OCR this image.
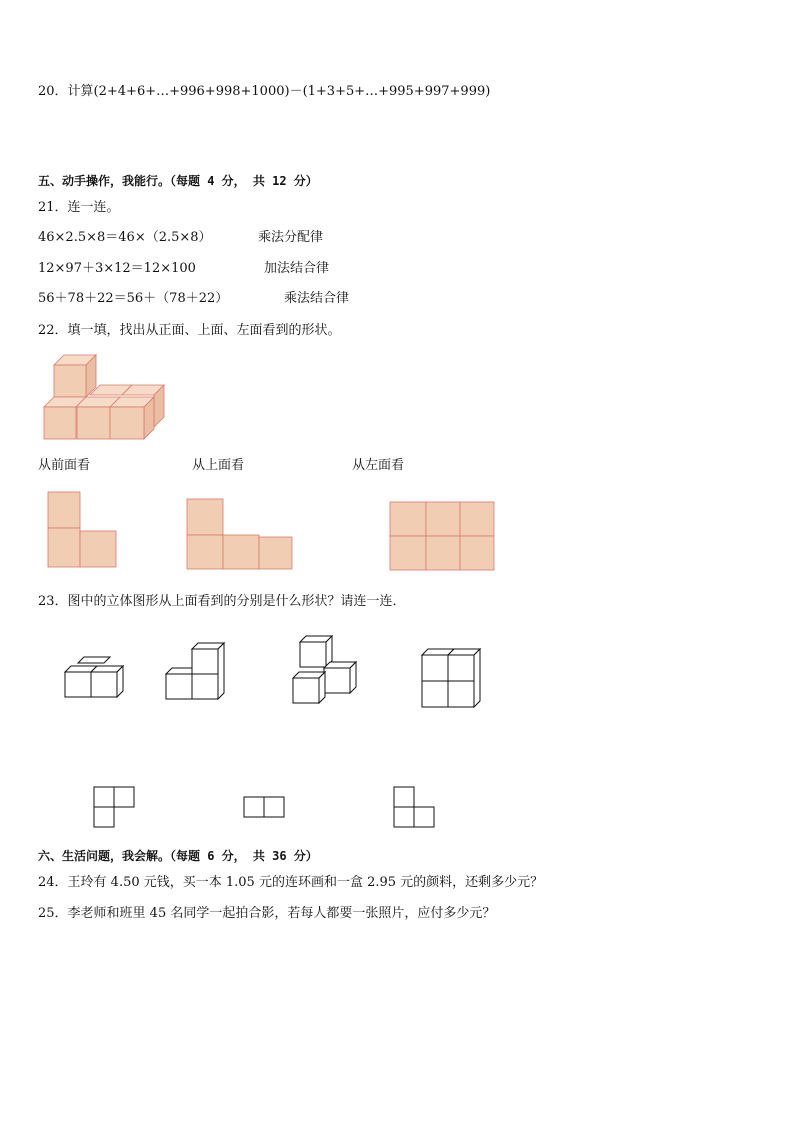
20．计算(2+4+6+…+996+998+1000)－(1+3+5+…+995+997+999)
五、动手操作，我能行。（每题 4 分， 共 12 分）
21．连一连。
46×2.5×8＝46×（2.5×8）	乘法分配律
12×97＋3×12＝12×100	加法结合律
56＋78＋22＝56＋（78＋22）	乘法结合律
22．填一填，找出从正面、上面、左面看到的形状。
从前面看	从上面看	从左面看
23．图中的立体图形从上面看到的分别是什么形状？请连一连．
六、生活问题，我会解。（每题 6 分， 共 36 分）
24．王玲有 4.50 元钱，买一本 1.05 元的连环画和一盒 2.95 元的颜料，还剩多少元？
25．李老师和班里 45 名同学一起拍合影，若每人都要一张照片，应付多少元？
